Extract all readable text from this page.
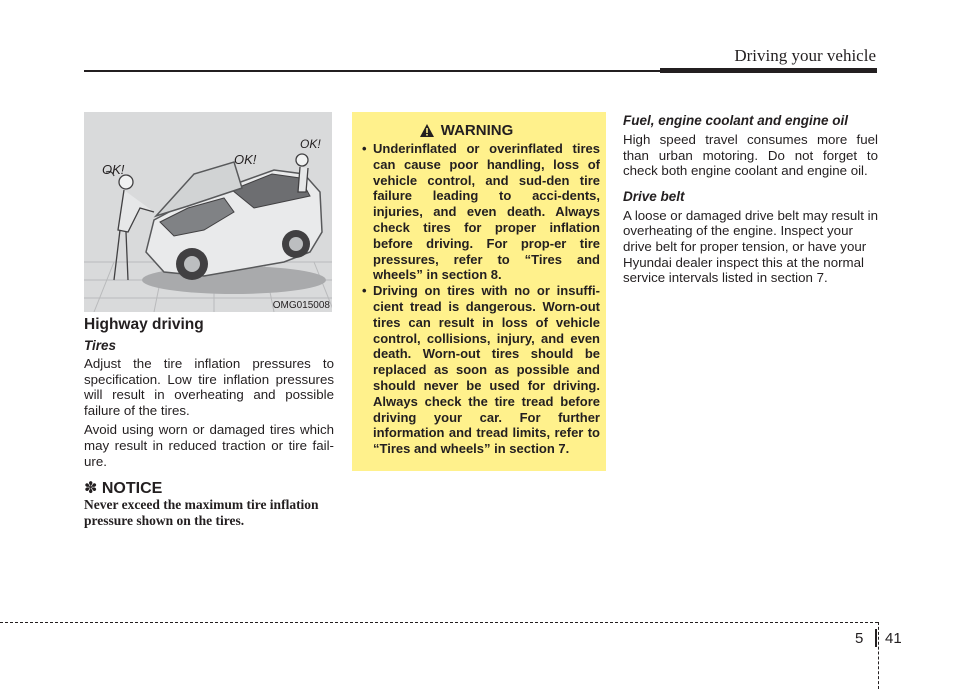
Driving your vehicle
OK!
OK!
OK!
OMG015008
Highway driving
Tires

Adjust the tire inflation pressures to specification. Low tire inflation pressures will result in overheating and possible failure of the tires.

Avoid using worn or damaged tires which may result in reduced traction or tire fail-ure.

✽ NOTICE
Never exceed the maximum tire inflation pressure shown on the tires.
WARNING
• Underinflated or overinflated tires can cause poor handling, loss of vehicle control, and sud-den tire failure leading to acci-dents, injuries, and even death. Always check tires for proper inflation before driving. For prop-er tire pressures, refer to “Tires and wheels” in section 8.
• Driving on tires with no or insuffi-cient tread is dangerous. Worn-out tires can result in loss of vehicle control, collisions, injury, and even death. Worn-out tires should be replaced as soon as possible and should never be used for driving. Always check the tire tread before driving your car. For further information and tread limits, refer to “Tires and wheels” in section 7.
Fuel, engine coolant and engine oil

High speed travel consumes more fuel than urban motoring. Do not forget to check both engine coolant and engine oil.

Drive belt

A loose or damaged drive belt may result in overheating of the engine. Inspect your drive belt for proper tension, or have your Hyundai dealer inspect this at the normal service intervals listed in section 7.

5 41
